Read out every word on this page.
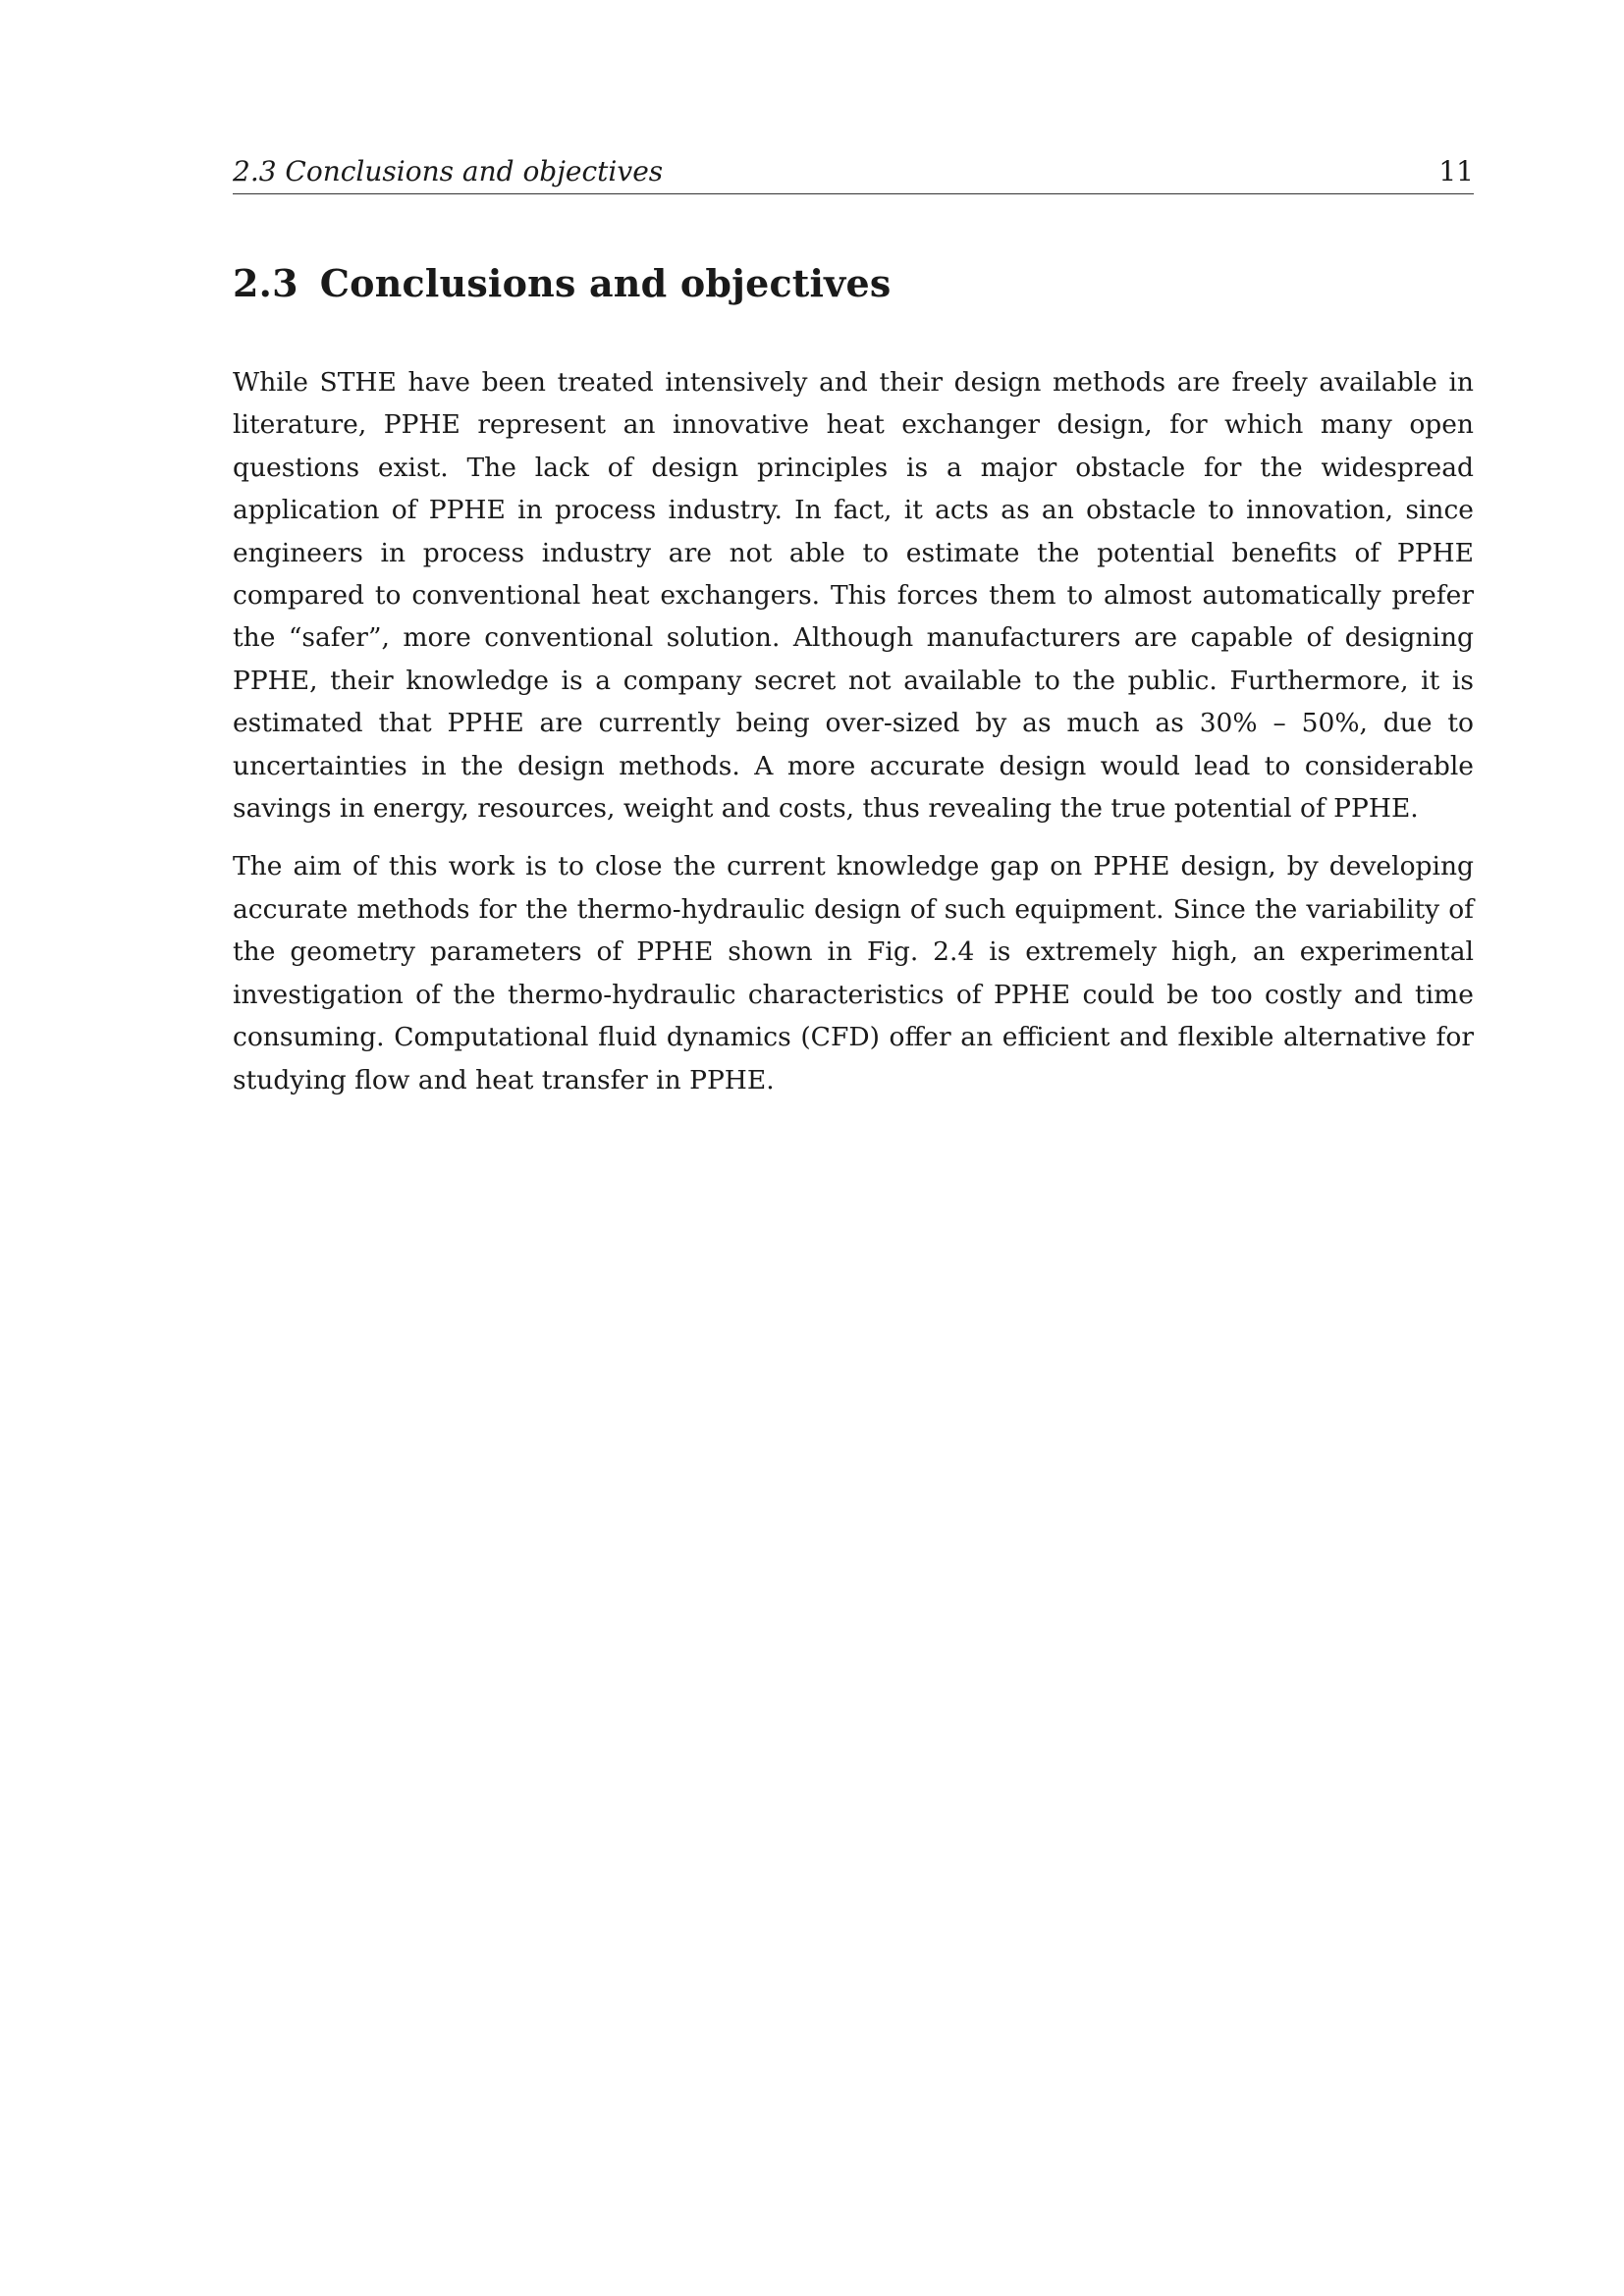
2.3 Conclusions and objectives	11
2.3 Conclusions and objectives

While STHE have been treated intensively and their design methods are freely available in literature, PPHE represent an innovative heat exchanger design, for which many open questions exist. The lack of design principles is a major obstacle for the widespread application of PPHE in process industry. In fact, it acts as an obstacle to innovation, since engineers in process industry are not able to estimate the potential benefits of PPHE compared to conventional heat exchangers. This forces them to almost automatically prefer the “safer”, more conventional solution. Although manufacturers are capable of designing PPHE, their knowledge is a company secret not available to the public. Furthermore, it is estimated that PPHE are currently being over-sized by as much as 30% – 50%, due to uncertainties in the design methods. A more accurate design would lead to considerable savings in energy, resources, weight and costs, thus revealing the true potential of PPHE.

The aim of this work is to close the current knowledge gap on PPHE design, by developing accurate methods for the thermo-hydraulic design of such equipment. Since the variability of the geometry parameters of PPHE shown in Fig. 2.4 is extremely high, an experimental investigation of the thermo-hydraulic characteristics of PPHE could be too costly and time consuming. Computational fluid dynamics (CFD) offer an efficient and flexible alternative for studying flow and heat transfer in PPHE.
